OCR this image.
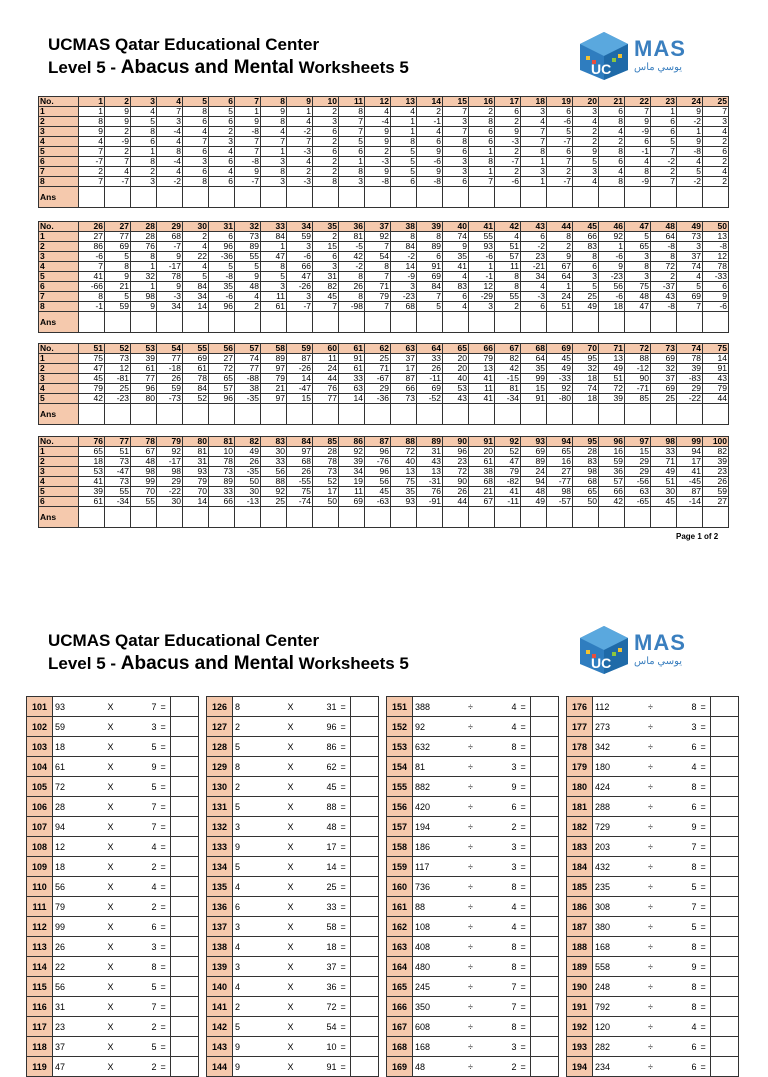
UCMAS Qatar Educational Center
Level 5 - Abacus and Mental Worksheets 5	UC
MAS
يوسي ماس
No.	1	2	3	4	5	6	7	8	9	10	11	12	13	14	15	16	17	18	19	20	21	22	23	24	25
1	1	9	4	7	8	5	1	9	1	2	8	4	4	2	7	2	6	3	6	3	6	7	1	9	7
2	8	9	5	3	6	6	9	8	4	3	7	-4	1	-1	3	8	2	4	-6	4	8	9	6	-2	3
3	9	2	8	-4	4	2	-8	4	-2	6	7	9	1	4	7	6	9	7	5	2	4	-9	6	1	4
4	4	-9	6	4	7	3	7	7	7	2	5	9	8	6	8	6	-3	7	-7	2	2	6	5	9	2
5	7	2	1	8	6	4	7	1	-3	6	6	2	5	9	6	1	2	8	6	9	8	-1	7	-8	6
6	-7	7	8	-4	3	6	-8	3	4	2	1	-3	5	-6	3	8	-7	1	7	5	6	4	-2	4	2
7	2	4	2	4	6	4	9	8	2	2	8	9	5	9	3	1	2	3	2	3	4	8	2	5	4
8	7	-7	3	-2	8	6	-7	3	-3	8	3	-8	6	-8	6	7	-6	1	-7	4	8	-9	7	-2	2
Ans																									
No.	26	27	28	29	30	31	32	33	34	35	36	37	38	39	40	41	42	43	44	45	46	47	48	49	50
1	27	77	28	68	2	6	73	84	59	2	81	92	8	8	74	55	4	6	8	66	92	5	64	73	13
2	86	69	76	-7	4	96	89	1	3	15	-5	7	84	89	9	93	51	-2	2	83	1	65	-8	3	-8
3	-6	5	8	9	22	-36	55	47	-6	6	42	54	-2	6	35	-6	57	23	9	8	-6	3	8	37	12
4	7	8	1	-17	4	5	5	8	66	3	-2	8	14	91	41	1	11	-21	67	6	9	8	72	74	78
5	41	9	32	78	5	-8	9	5	47	31	8	7	-9	69	4	-1	8	34	64	3	-23	3	2	4	-33
6	-66	21	1	9	84	35	48	3	-26	82	26	71	3	84	83	12	8	4	1	5	56	75	-37	5	6
7	8	5	98	-3	34	-6	4	11	3	45	8	79	-23	7	6	-29	55	-3	24	25	-6	48	43	69	9
8	-1	59	9	34	14	96	2	61	-7	7	-98	7	68	5	4	3	2	6	51	49	18	47	-8	7	-6
Ans																									
No.	51	52	53	54	55	56	57	58	59	60	61	62	63	64	65	66	67	68	69	70	71	72	73	74	75
1	75	73	39	77	69	27	74	89	87	11	91	25	37	33	20	79	82	64	45	95	13	88	69	78	14
2	47	12	61	-18	61	72	77	97	-26	24	61	71	17	26	20	13	42	35	49	32	49	-12	32	39	91
3	45	-81	77	26	78	65	-88	79	14	44	33	-67	87	-11	40	41	-15	99	-33	18	51	90	37	-83	43
4	79	25	96	59	84	57	38	21	-47	76	63	29	66	69	53	11	81	15	92	74	72	-71	69	29	79
5	42	-23	80	-73	52	96	-35	97	15	77	14	-36	73	-52	43	41	-34	91	-80	18	39	85	25	-22	44
Ans																									
No.	76	77	78	79	80	81	82	83	84	85	86	87	88	89	90	91	92	93	94	95	96	97	98	99	100
1	65	51	67	92	81	10	49	30	97	28	92	96	72	31	96	20	52	69	65	28	16	15	33	94	82
2	18	73	48	-17	31	78	26	33	68	78	39	-76	40	43	23	61	47	89	16	83	59	29	71	17	39
3	53	-47	98	98	93	73	-35	56	26	73	34	96	13	13	72	38	79	24	27	98	36	29	49	41	23
4	41	73	99	29	79	89	50	88	-55	52	19	56	75	-31	90	68	-82	94	-77	68	57	-56	51	-45	26
5	39	55	70	-22	70	33	30	92	75	17	11	45	35	76	26	21	41	48	98	65	66	63	30	87	59
6	61	-34	55	30	14	66	-13	25	-74	50	69	-63	93	-91	44	67	-11	49	-57	50	42	-65	45	-14	27
Ans																									
Page 1 of 2
UCMAS Qatar Educational Center
Level 5 - Abacus and Mental Worksheets 5	UC
MAS
يوسي ماس
101	93	X	7	=	
102	59	X	3	=	
103	18	X	5	=	
104	61	X	9	=	
105	72	X	5	=	
106	28	X	7	=	
107	94	X	7	=	
108	12	X	4	=	
109	18	X	2	=	
110	56	X	4	=	
111	79	X	2	=	
112	99	X	6	=	
113	26	X	3	=	
114	22	X	8	=	
115	56	X	5	=	
116	31	X	7	=	
117	23	X	2	=	
118	37	X	5	=	
119	47	X	2	=	
126	8	X	31	=	
127	2	X	96	=	
128	5	X	86	=	
129	8	X	62	=	
130	2	X	45	=	
131	5	X	88	=	
132	3	X	48	=	
133	9	X	17	=	
134	5	X	14	=	
135	4	X	25	=	
136	6	X	33	=	
137	3	X	58	=	
138	4	X	18	=	
139	3	X	37	=	
140	4	X	36	=	
141	2	X	72	=	
142	5	X	54	=	
143	9	X	10	=	
144	9	X	91	=	
151	388	÷	4	=	
152	92	÷	4	=	
153	632	÷	8	=	
154	81	÷	3	=	
155	882	÷	9	=	
156	420	÷	6	=	
157	194	÷	2	=	
158	186	÷	3	=	
159	117	÷	3	=	
160	736	÷	8	=	
161	88	÷	4	=	
162	108	÷	4	=	
163	408	÷	8	=	
164	480	÷	8	=	
165	245	÷	7	=	
166	350	÷	7	=	
167	608	÷	8	=	
168	168	÷	3	=	
169	48	÷	2	=	
176	112	÷	8	=	
177	273	÷	3	=	
178	342	÷	6	=	
179	180	÷	4	=	
180	424	÷	8	=	
181	288	÷	6	=	
182	729	÷	9	=	
183	203	÷	7	=	
184	432	÷	8	=	
185	235	÷	5	=	
186	308	÷	7	=	
187	380	÷	5	=	
188	168	÷	8	=	
189	558	÷	9	=	
190	248	÷	8	=	
191	792	÷	8	=	
192	120	÷	4	=	
193	282	÷	6	=	
194	234	÷	6	=	
